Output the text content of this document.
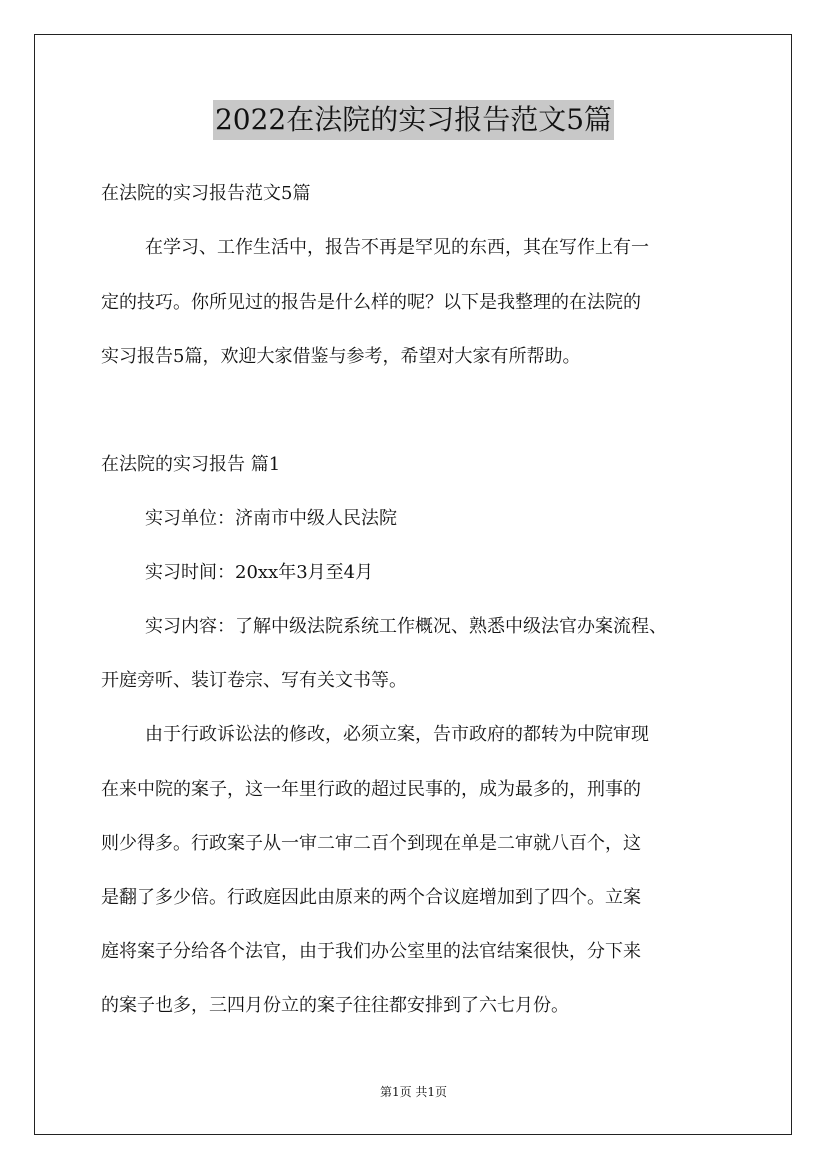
2022在法院的实习报告范文5篇
在法院的实习报告范文5篇
在学习、工作生活中，报告不再是罕见的东西，其在写作上有一
定的技巧。你所见过的报告是什么样的呢？以下是我整理的在法院的
实习报告5篇，欢迎大家借鉴与参考，希望对大家有所帮助。
在法院的实习报告 篇1
实习单位：济南市中级人民法院
实习时间：20xx年3月至4月
实习内容：了解中级法院系统工作概况、熟悉中级法官办案流程、
开庭旁听、装订卷宗、写有关文书等。
由于行政诉讼法的修改，必须立案，告市政府的都转为中院审现
在来中院的案子，这一年里行政的超过民事的，成为最多的，刑事的
则少得多。行政案子从一审二审二百个到现在单是二审就八百个，这
是翻了多少倍。行政庭因此由原来的两个合议庭增加到了四个。立案
庭将案子分给各个法官，由于我们办公室里的法官结案很快，分下来
的案子也多，三四月份立的案子往往都安排到了六七月份。
第1页 共1页
